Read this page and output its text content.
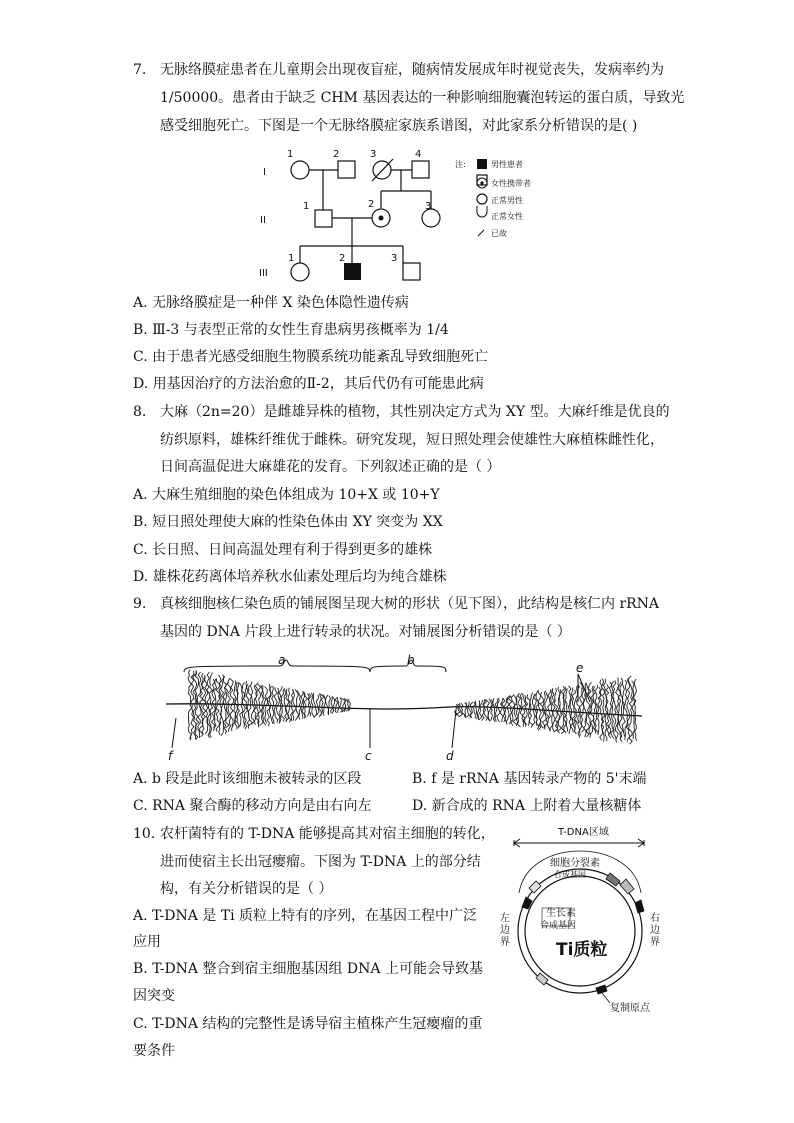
7. 无脉络膜症患者在儿童期会出现夜盲症，随病情发展成年时视觉丧失，发病率约为
1/50000。患者由于缺乏 CHM 基因表达的一种影响细胞囊泡转运的蛋白质，导致光
感受细胞死亡。下图是一个无脉络膜症家族系谱图，对此家系分析错误的是( )
I
II
III
1	2	3	4
1	2	3
1	2	3
注:	男性患者
女性携带者
正常男性
正常女性
已故
A. 无脉络膜症是一种伴 X 染色体隐性遗传病
B. Ⅲ-3 与表型正常的女性生育患病男孩概率为 1/4
C. 由于患者光感受细胞生物膜系统功能紊乱导致细胞死亡
D. 用基因治疗的方法治愈的Ⅱ-2，其后代仍有可能患此病
8. 大麻（2n=20）是雌雄异株的植物，其性别决定方式为 XY 型。大麻纤维是优良的
纺织原料，雄株纤维优于雌株。研究发现，短日照处理会使雄性大麻植株雌性化，
日间高温促进大麻雄花的发育。下列叙述正确的是（ ）
A. 大麻生殖细胞的染色体组成为 10+X 或 10+Y
B. 短日照处理使大麻的性染色体由 XY 突变为 XX
C. 长日照、日间高温处理有利于得到更多的雄株
D. 雄株花药离体培养秋水仙素处理后均为纯合雄株
9. 真核细胞核仁染色质的铺展图呈现大树的形状（见下图），此结构是核仁内 rRNA
基因的 DNA 片段上进行转录的状况。对铺展图分析错误的是（ ）
a	b
c	d
e
f
A. b 段是此时该细胞未被转录的区段	B. f 是 rRNA 基因转录产物的 5'末端
C. RNA 聚合酶的移动方向是由右向左	D. 新合成的 RNA 上附着大量核糖体
10. 农杆菌特有的 T-DNA 能够提高其对宿主细胞的转化，
进而使宿主长出冠瘿瘤。下图为 T-DNA 上的部分结
构，有关分析错误的是（ ）
A. T-DNA 是 Ti 质粒上特有的序列，在基因工程中广泛
应用
B. T-DNA 整合到宿主细胞基因组 DNA 上可能会导致基
因突变
C. T-DNA 结构的完整性是诱导宿主植株产生冠瘿瘤的重
要条件
T-DNA区域
细胞分裂素
合成基因
生长素
合成基因
左
边
界
右
边
界
复制原点
Ti质粒
